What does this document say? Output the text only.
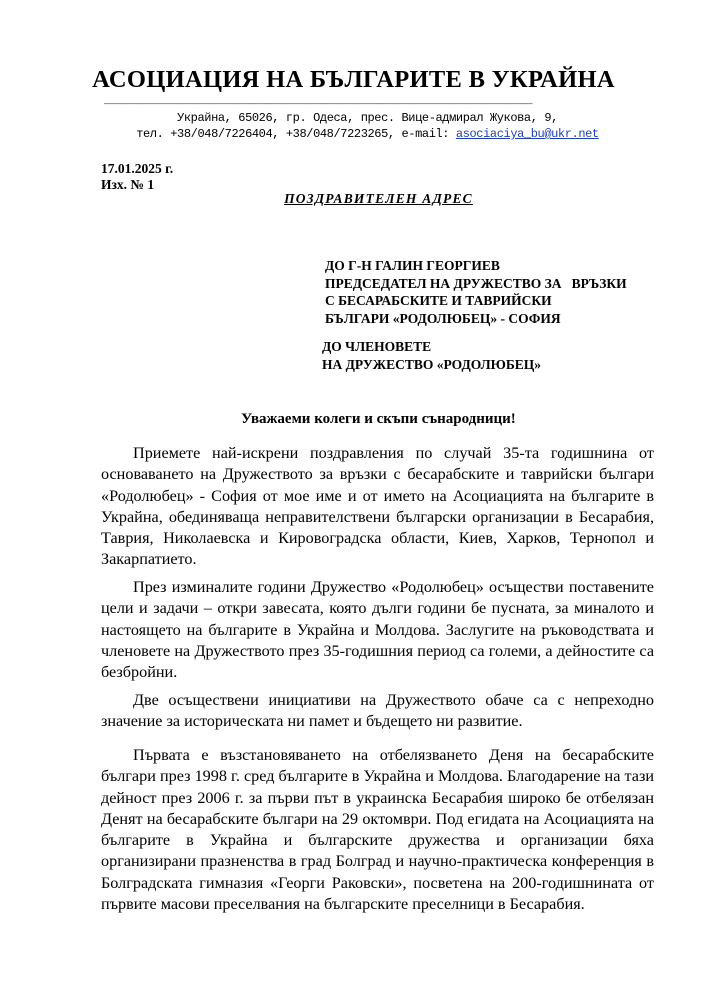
АСОЦИАЦИЯ НА БЪЛГАРИТЕ В УКРАЙНА
_____________________________________________________________________________
Украйна, 65026, гр. Одеса, прес. Вице-адмирал Жукова, 9,
тел. +38/048/7226404, +38/048/7223265, e-mail: asociaciya_bu@ukr.net
17.01.2025 г.
Изх. № 1
ПОЗДРАВИТЕЛЕН АДРЕС
ДО Г-Н ГАЛИН ГЕОРГИЕВ
ПРЕДСЕДАТЕЛ НА ДРУЖЕСТВО ЗА   ВРЪЗКИ
С БЕСАРАБСКИТЕ И ТАВРИЙСКИ
БЪЛГАРИ «РОДОЛЮБЕЦ» - СОФИЯ
ДО ЧЛЕНОВЕТЕ
НА ДРУЖЕСТВО «РОДОЛЮБЕЦ»
Уважаеми колеги и скъпи сънародници!
Приемете най-искрени поздравления по случай 35-та годишнина от основаването на Дружеството за връзки с бесарабските и таврийски българи «Родолюбец» - София от мое име и от името на Асоциацията на българите в Украйна, обединяваща неправителствени български организации в Бесарабия, Таврия, Николаевска и Кировоградска области, Киев, Харков, Тернопол и Закарпатието.
През изминалите години Дружество «Родолюбец» осъществи поставените цели и задачи – откри завесата, която дълги години бе пусната, за миналото и настоящето на българите в Украйна и Молдова. Заслугите на ръководствата и членовете на Дружеството през 35-годишния период са големи, а дейностите са безбройни.
Две осъществени инициативи на Дружеството обаче са с непреходно значение за историческата ни памет и бъдещето ни развитие.
Първата е възстановяването на отбелязването Деня на бесарабските българи през 1998 г. сред българите в Украйна и Молдова. Благодарение на тази дейност през 2006 г. за първи път в украинска Бесарабия широко бе отбелязан Денят на бесарабските българи на 29 октомври. Под егидата на Асоциацията на българите в Украйна и българските дружества и организации бяха организирани празненства в град Болград и научно-практическа конференция в Болградската гимназия «Георги Раковски», посветена на 200-годишнината от първите масови преселвания на българските преселници в Бесарабия.
